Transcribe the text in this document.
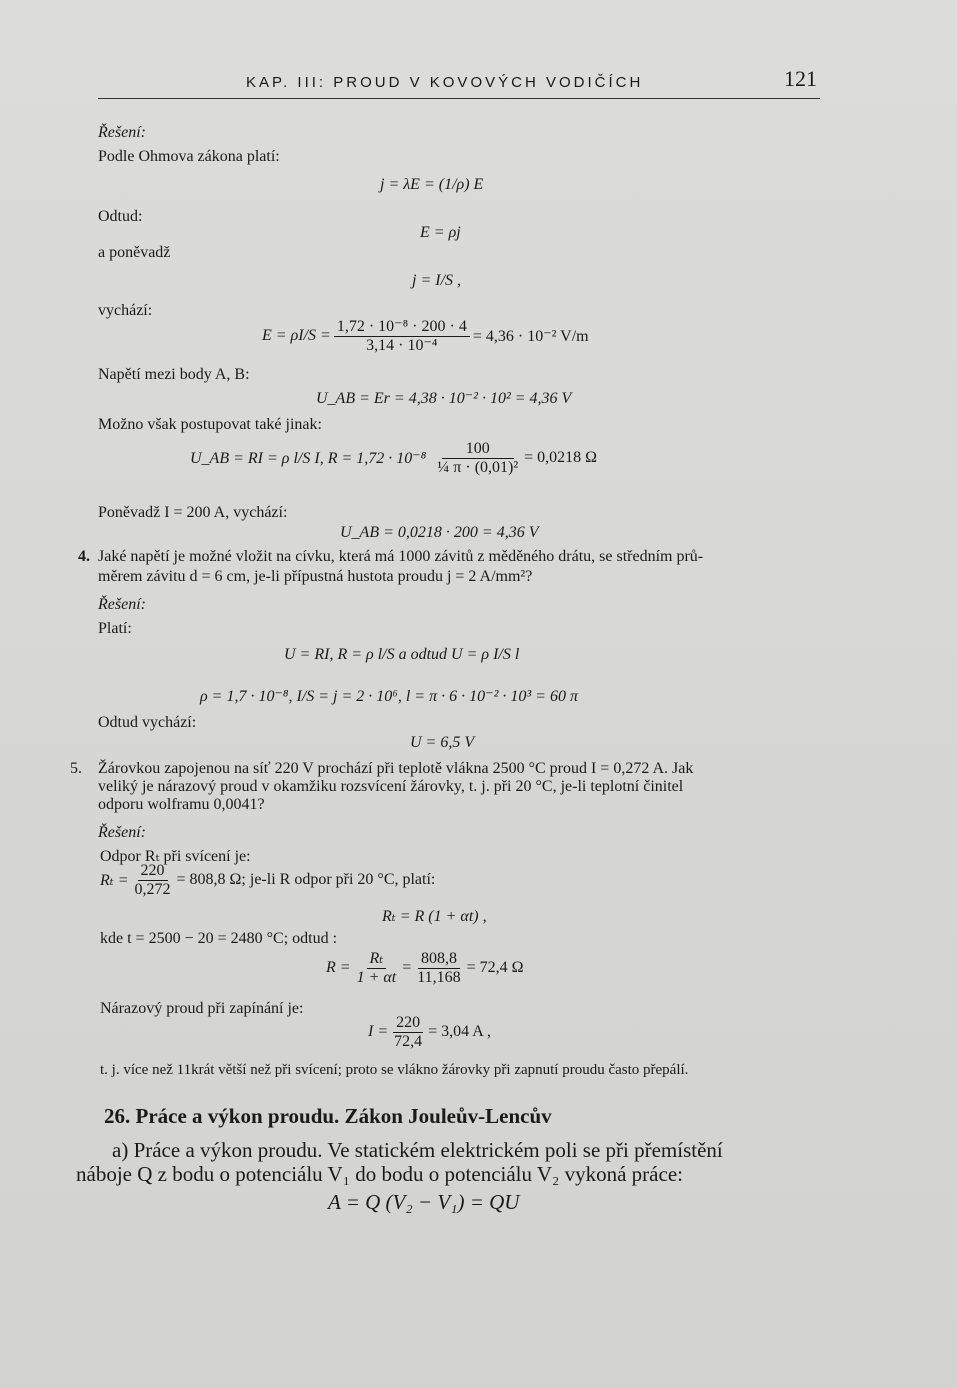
KAP. III: PROUD V KOVOVÝCH VODIČÍCH	121
Řešení:
Podle Ohmova zákona platí:
j = λE = (1/ρ) E
Odtud:
E = ρj
a poněvadž
j = I/S ,
vychází:
$E = \rho I/S = \frac{\text{1,72 · 10⁻⁸ · 200 · 4}}{\text{3,14 · 10⁻⁴}} = 4,36 \cdot 10^{-2}$ V/m
Napětí mezi body A, B:
U_AB = Er = 4,38 · 10⁻² · 10² = 4,36 V
Možno však postupovat také jinak:
U_AB = RI = ρ l/S I, $R = 1,72 \cdot 10^{-8} \frac{100}{\text{¼ π · (0,01)²}} = 0,0218$ Ω
Poněvadž I = 200 A, vychází:
U_AB = 0,0218 · 200 = 4,36 V
4. Jaké napětí je možné vložit na cívku, která má 1000 závitů z měděného drátu, se středním prů-
měrem závitu d = 6 cm, je-li přípustná hustota proudu j = 2 A/mm²?
Řešení:
Platí:
U = RI, R = ρ l/S a odtud U = ρ I/S l
ρ = 1,7 · 10⁻⁸, I/S = j = 2 · 10⁶, l = π · 6 · 10⁻² · 10³ = 60 π
Odtud vychází:
U = 6,5 V
5. Žárovkou zapojenou na síť 220 V prochází při teplotě vlákna 2500 °C proud I = 0,272 A. Jak
veliký je nárazový proud v okamžiku rozsvícení žárovky, t. j. při 20 °C, je-li teplotní činitel
odporu wolframu 0,0041?
Řešení:
Odpor Rₜ při svícení je:
$R_t = \frac{220}{0,272} = 808,8$ Ω; je-li R odpor při 20 °C, platí:
Rₜ = R (1 + αt) ,
kde t = 2500 − 20 = 2480 °C; odtud :
$R = \frac{\text{Rₜ}}{1 + \alpha t} = \frac{808,8}{11,168} = 72,4$ Ω
Nárazový proud při zapínání je:
$I = \frac{220}{72,4} = 3,04$ A ,
t. j. více než 11krát větší než při svícení; proto se vlákno žárovky při zapnutí proudu často přepálí.
26. Práce a výkon proudu. Zákon Jouleův-Lencův
a) Práce a výkon proudu. Ve statickém elektrickém poli se při přemístění
náboje Q z bodu o potenciálu V₁ do bodu o potenciálu V₂ vykoná práce:
A = Q (V₂ − V₁) = QU
